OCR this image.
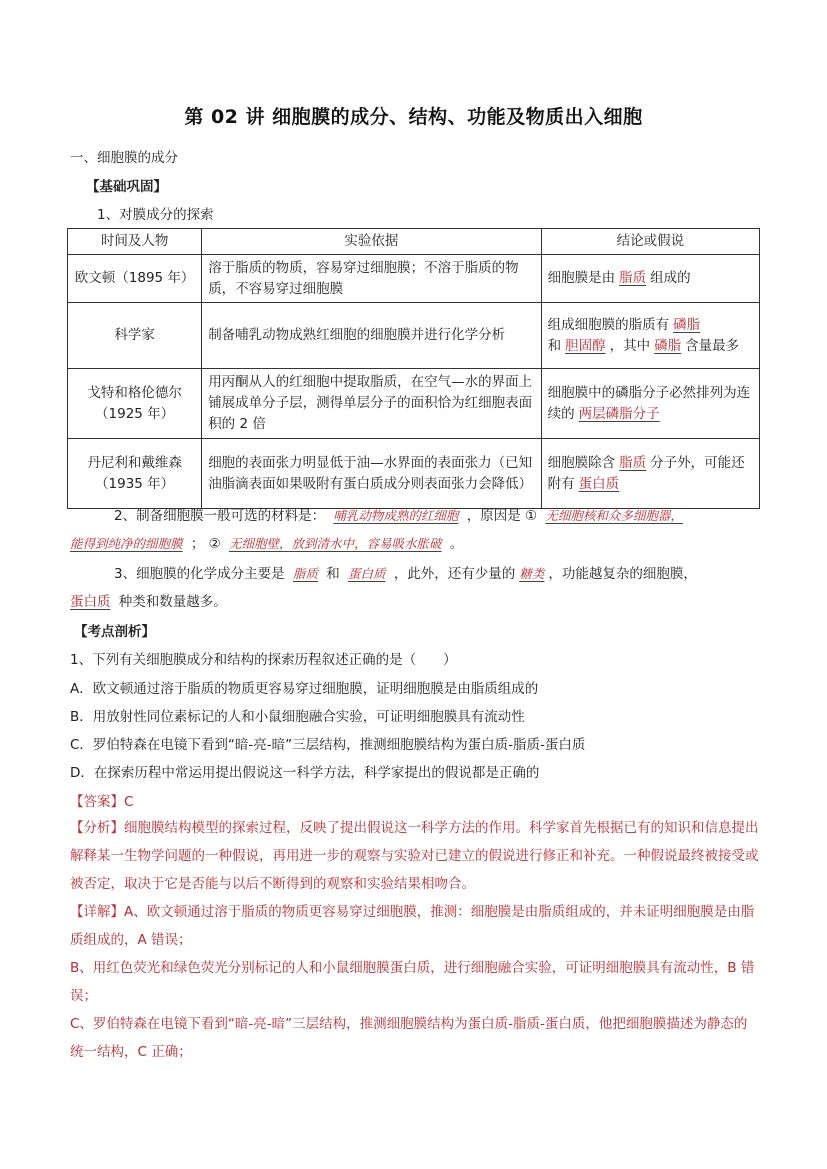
第 02 讲 细胞膜的成分、结构、功能及物质出入细胞
一、细胞膜的成分
【基础巩固】
1、对膜成分的探索
时间及人物	实验依据	结论或假说
欧文顿（1895 年）	溶于脂质的物质，容易穿过细胞膜；不溶于脂质的物质，不容易穿过细胞膜	细胞膜是由 脂质 组成的
科学家	制备哺乳动物成熟红细胞的细胞膜并进行化学分析	组成细胞膜的脂质有 磷脂
和 胆固醇 ，其中 磷脂 含量最多

戈特和格伦德尔
（1925 年）	用丙酮从人的红细胞中提取脂质，在空气—水的界面上铺展成单分子层，测得单层分子的面积恰为红细胞表面积的 2 倍	细胞膜中的磷脂分子必然排列为连续的 两层磷脂分子

丹尼利和戴维森
（1935 年）	细胞的表面张力明显低于油—水界面的表面张力（已知油脂滴表面如果吸附有蛋白质成分则表面张力会降低）	细胞膜除含 脂质 分子外，可能还附有 蛋白质
2、制备细胞膜一般可选的材料是： 哺乳动物成熟的红细胞 ，原因是 ① 无细胞核和众多细胞器，
能得到纯净的细胞膜 ； ② 无细胞壁，放到清水中，容易吸水胀破 。
3、细胞膜的化学成分主要是 脂质 和 蛋白质 ，此外，还有少量的 糖类 ，功能越复杂的细胞膜，
蛋白质 种类和数量越多。
【考点剖析】
1、下列有关细胞膜成分和结构的探索历程叙述正确的是（　　）
A．欧文顿通过溶于脂质的物质更容易穿过细胞膜，证明细胞膜是由脂质组成的
B．用放射性同位素标记的人和小鼠细胞融合实验，可证明细胞膜具有流动性
C．罗伯特森在电镜下看到“暗-亮-暗”三层结构，推测细胞膜结构为蛋白质-脂质-蛋白质
D．在探索历程中常运用提出假说这一科学方法，科学家提出的假说都是正确的
【答案】C
【分析】细胞膜结构模型的探索过程，反映了提出假说这一科学方法的作用。科学家首先根据已有的知识和信息提出解释某一生物学问题的一种假说，再用进一步的观察与实验对已建立的假说进行修正和补充。一种假说最终被接受或被否定，取决于它是否能与以后不断得到的观察和实验结果相吻合。
【详解】A、欧文顿通过溶于脂质的物质更容易穿过细胞膜，推测：细胞膜是由脂质组成的，并未证明细胞膜是由脂质组成的，A 错误；
B、用红色荧光和绿色荧光分别标记的人和小鼠细胞膜蛋白质，进行细胞融合实验，可证明细胞膜具有流动性，B 错误；
C、罗伯特森在电镜下看到“暗-亮-暗”三层结构，推测细胞膜结构为蛋白质-脂质-蛋白质，他把细胞膜描述为静态的统一结构，C 正确；
